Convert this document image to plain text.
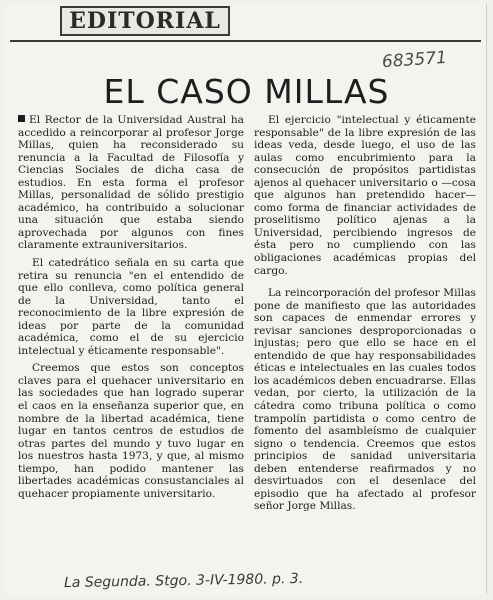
EDITORIAL
683571
EL CASO MILLAS

El Rector de la Universidad Austral ha accedido a reincorporar al profesor Jorge Millas, quien ha reconsiderado su renuncia a la Facultad de Filosofía y Ciencias Sociales de dicha casa de estudios. En esta forma el profesor Millas, personalidad de sólido prestigio académico, ha contribuido a solucionar una situación que estaba siendo aprovechada por algunos con fines claramente extrauniversitarios.

El catedrático señala en su carta que retira su renuncia "en el entendido de que ello conlleva, como política general de la Universidad, tanto el reconocimiento de la libre expresión de ideas por parte de la comunidad académica, como el de su ejercicio intelectual y éticamente responsable".

Creemos que estos son conceptos claves para el quehacer universitario en las sociedades que han logrado superar el caos en la enseñanza superior que, en nombre de la libertad académica, tiene lugar en tantos centros de estudios de otras partes del mundo y tuvo lugar en los nuestros hasta 1973, y que, al mismo tiempo, han podido mantener las libertades académicas consustanciales al quehacer propiamente universitario.

El ejercicio "intelectual y éticamente responsable" de la libre expresión de las ideas veda, desde luego, el uso de las aulas como encubrimiento para la consecución de propósitos partidistas ajenos al quehacer universitario o —cosa que algunos han pretendido hacer— como forma de financiar actividades de proselitismo político ajenas a la Universidad, percibiendo ingresos de ésta pero no cumpliendo con las obligaciones académicas propias del cargo.

La reincorporación del profesor Millas pone de manifiesto que las autoridades son capaces de enmendar errores y revisar sanciones desproporcionadas o injustas; pero que ello se hace en el entendido de que hay responsabilidades éticas e intelectuales en las cuales todos los académicos deben encuadrarse. Ellas vedan, por cierto, la utilización de la cátedra como tribuna política o como trampolín partidista o como centro de fomento del asambleísmo de cualquier signo o tendencia. Creemos que estos principios de sanidad universitaria deben entenderse reafirmados y no desvirtuados con el desenlace del episodio que ha afectado al profesor señor Jorge Millas.

La Segunda. Stgo. 3-IV-1980. p. 3.
